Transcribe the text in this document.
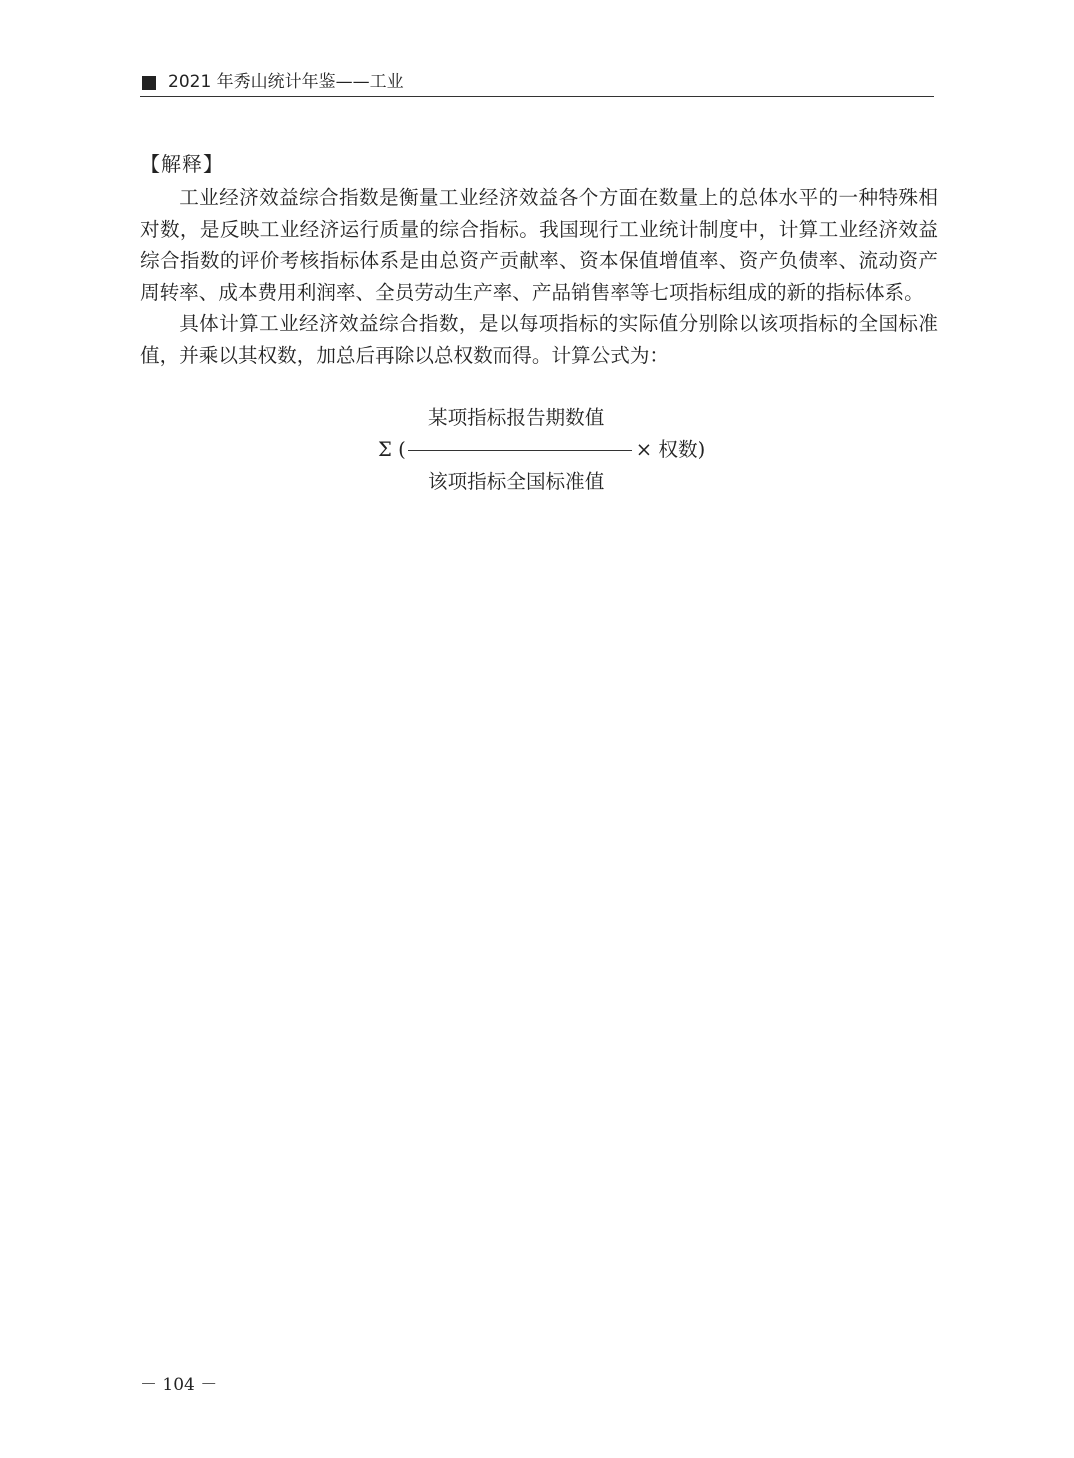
2021 年秀山统计年鉴——工业
【解释】

工业经济效益综合指数是衡量工业经济效益各个方面在数量上的总体水平的一种特殊相对数，是反映工业经济运行质量的综合指标。我国现行工业统计制度中，计算工业经济效益综合指数的评价考核指标体系是由总资产贡献率、资本保值增值率、资产负债率、流动资产周转率、成本费用利润率、全员劳动生产率、产品销售率等七项指标组成的新的指标体系。

具体计算工业经济效益综合指数，是以每项指标的实际值分别除以该项指标的全国标准值，并乘以其权数，加总后再除以总权数而得。计算公式为：

某项指标报告期数值
Σ (	× 权数)
该项指标全国标准值
－ 104 －
